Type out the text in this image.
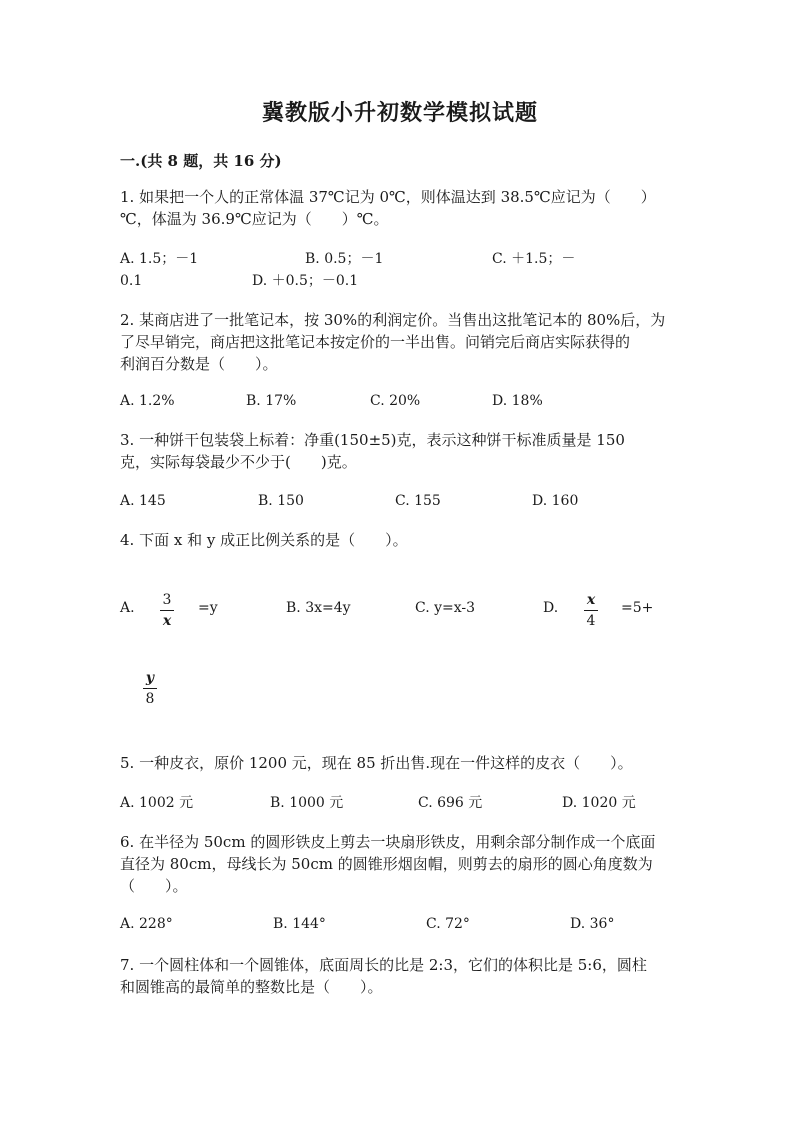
冀教版小升初数学模拟试题
一.(共 8 题，共 16 分)
1. 如果把一个人的正常体温 37℃记为 0℃，则体温达到 38.5℃应记为（　　）
℃，体温为 36.9℃应记为（　　）℃。
A. 1.5；－1	B. 0.5；－1	C. ＋1.5；－
0.1	D. ＋0.5；－0.1
2. 某商店进了一批笔记本，按 30%的利润定价。当售出这批笔记本的 80%后，为
了尽早销完，商店把这批笔记本按定价的一半出售。问销完后商店实际获得的
利润百分数是（　　）。
A. 1.2%	B. 17%	C. 20%	D. 18%
3. 一种饼干包装袋上标着：净重(150±5)克，表示这种饼干标准质量是 150
克，实际每袋最少不少于(　　)克。
A. 145	B. 150	C. 155	D. 160
4. 下面 x 和 y 成正比例关系的是（　　）。
A. 3
x
=y	B. 3x=4y	C. y=x-3	D. x
4
=5+
y
8
5. 一种皮衣，原价 1200 元，现在 85 折出售.现在一件这样的皮衣（　　）。
A. 1002 元	B. 1000 元	C. 696 元	D. 1020 元
6. 在半径为 50cm 的圆形铁皮上剪去一块扇形铁皮，用剩余部分制作成一个底面
直径为 80cm，母线长为 50cm 的圆锥形烟囱帽，则剪去的扇形的圆心角度数为
（　　）。
A. 228°	B. 144°	C. 72°	D. 36°
7. 一个圆柱体和一个圆锥体，底面周长的比是 2:3，它们的体积比是 5:6，圆柱
和圆锥高的最简单的整数比是（　　）。
